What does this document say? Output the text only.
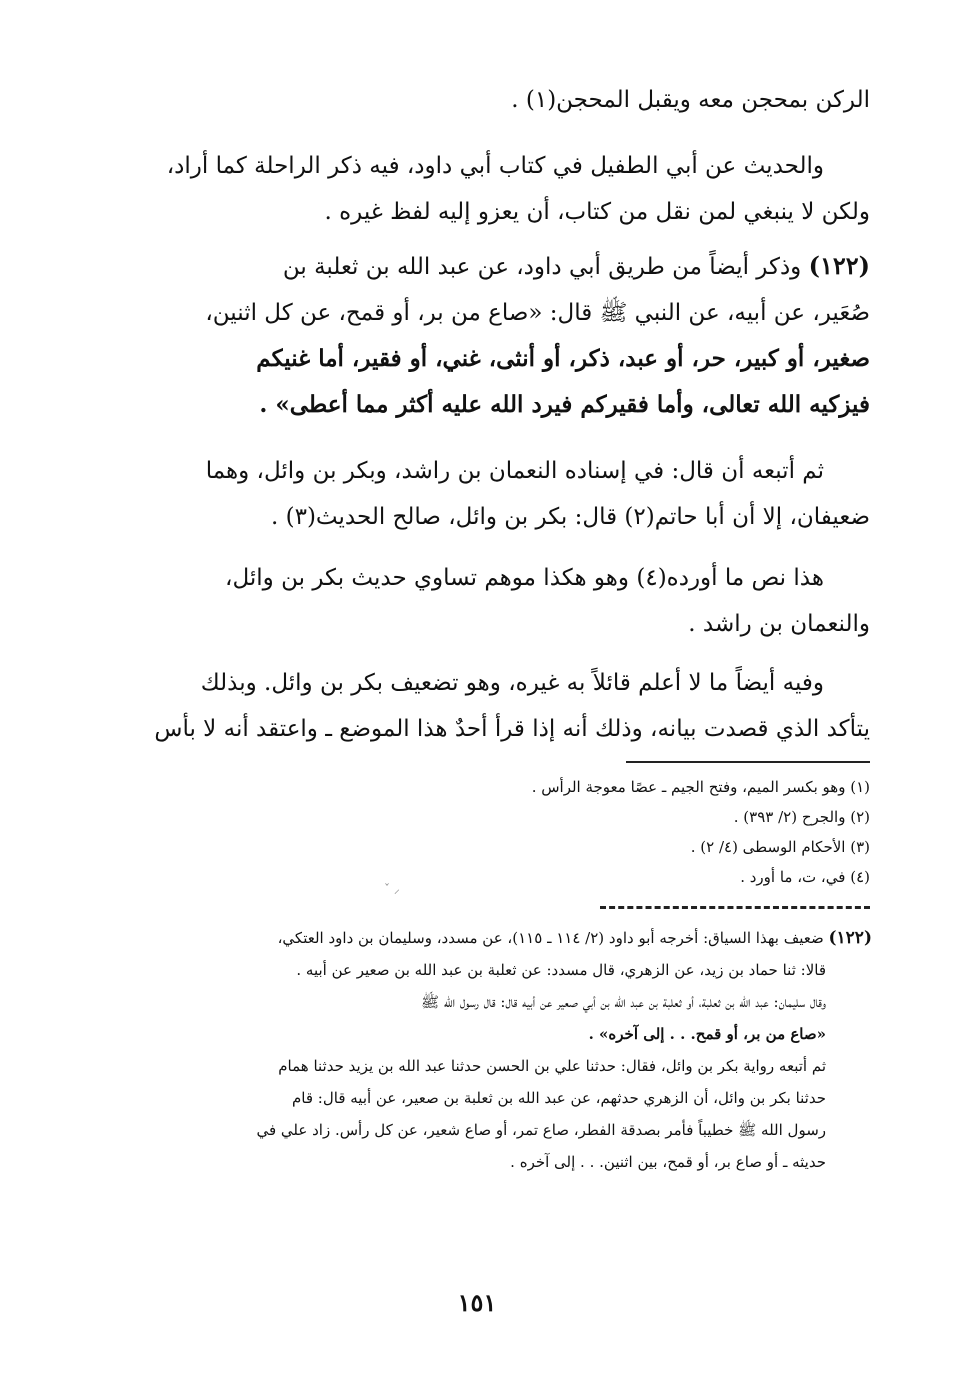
الركن بمحجن معه ويقبل المحجن(١) .
والحديث عن أبي الطفيل في كتاب أبي داود، فيه ذكر الراحلة كما أراد،
ولكن لا ينبغي لمن نقل من كتاب، أن يعزو إليه لفظ غيره .
(١٢٢) وذكر أيضاً من طريق أبي داود، عن عبد الله بن ثعلبة بن
صُعَير، عن أبيه، عن النبي ﷺ قال: «صاع من بر، أو قمح، عن كل اثنين،
صغير، أو كبير، حر، أو عبد، ذكر، أو أنثى، غني، أو فقير، أما غنيكم
فيزكيه الله تعالى، وأما فقيركم فيرد الله عليه أكثر مما أعطى» .
ثم أتبعه أن قال: في إسناده النعمان بن راشد، وبكر بن وائل، وهما
ضعيفان، إلا أن أبا حاتم(٢) قال: بكر بن وائل، صالح الحديث(٣) .
هذا نص ما أورده(٤) وهو هكذا موهم تساوي حديث بكر بن وائل،
والنعمان بن راشد .
وفيه أيضاً ما لا أعلم قائلاً به غيره، وهو تضعيف بكر بن وائل. وبذلك
يتأكد الذي قصدت بيانه، وذلك أنه إذا قرأ أحدٌ هذا الموضع ـ واعتقد أنه لا بأس
(١) وهو بكسر الميم، وفتح الجيم ـ عصًا معوجة الرأس .
(٢) والجرح (٢/ ٣٩٣) .
(٣) الأحكام الوسطى (٤/ ٢) .
(٤) في، ت، ما أورد .
ˇ ⸝
(١٢٢) ضعيف بهذا السياق: أخرجه أبو داود (٢/ ١١٤ ـ ١١٥)، عن مسدد، وسليمان بن داود العتكي،
قالا: ثنا حماد بن زيد، عن الزهري، قال مسدد: عن ثعلبة بن عبد الله بن صعير عن أبيه .
وقال سليمان: عبد الله بن ثعلبة، أو ثعلبة بن عبد الله بن أبي صعير عن أبيه قال: قال رسول الله ﷺ
«صاع من بر، أو قمح. . . إلى آخره» .
ثم أتبعه رواية بكر بن وائل، فقال: حدثنا علي بن الحسن حدثنا عبد الله بن يزيد حدثنا همام
حدثنا بكر بن وائل، أن الزهري حدثهم، عن عبد الله بن ثعلبة بن صعير، عن أبيه قال: قام
رسول الله ﷺ خطيباً فأمر بصدقة الفطر، صاع تمر، أو صاع شعير، عن كل رأس. زاد علي في
حديثه ـ أو صاع بر، أو قمح، بين اثنين. . . إلى آخره .
١٥١
